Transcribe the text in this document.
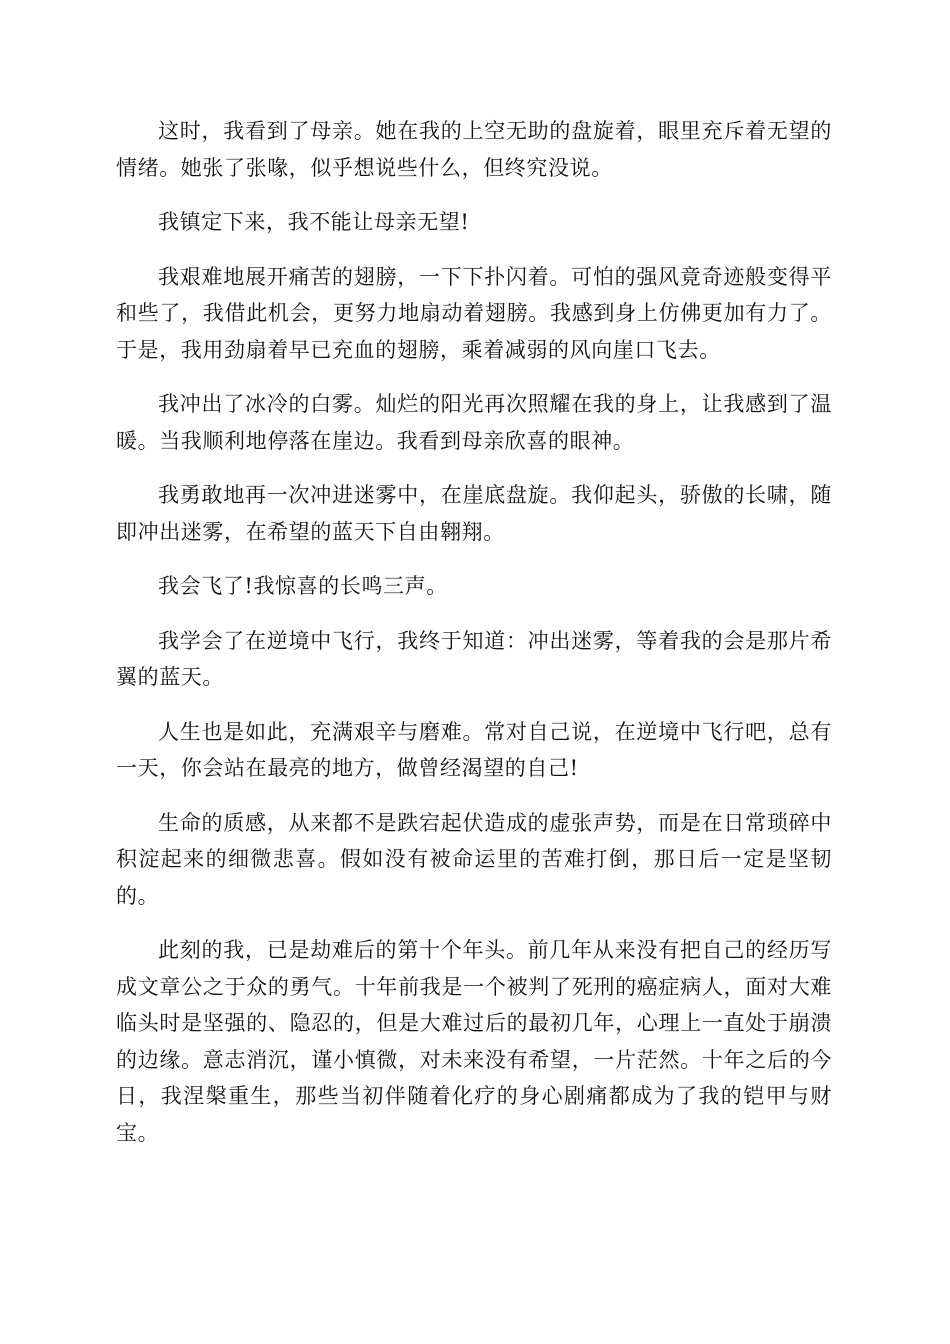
这时，我看到了母亲。她在我的上空无助的盘旋着，眼里充斥着无望的情绪。她张了张喙，似乎想说些什么，但终究没说。

我镇定下来，我不能让母亲无望!

我艰难地展开痛苦的翅膀，一下下扑闪着。可怕的强风竟奇迹般变得平和些了，我借此机会，更努力地扇动着翅膀。我感到身上仿佛更加有力了。于是，我用劲扇着早已充血的翅膀，乘着减弱的风向崖口飞去。

我冲出了冰冷的白雾。灿烂的阳光再次照耀在我的身上，让我感到了温暖。当我顺利地停落在崖边。我看到母亲欣喜的眼神。

我勇敢地再一次冲进迷雾中，在崖底盘旋。我仰起头，骄傲的长啸，随即冲出迷雾，在希望的蓝天下自由翱翔。

我会飞了!我惊喜的长鸣三声。

我学会了在逆境中飞行，我终于知道：冲出迷雾，等着我的会是那片希翼的蓝天。

人生也是如此，充满艰辛与磨难。常对自己说，在逆境中飞行吧，总有一天，你会站在最亮的地方，做曾经渴望的自己!

生命的质感，从来都不是跌宕起伏造成的虚张声势，而是在日常琐碎中积淀起来的细微悲喜。假如没有被命运里的苦难打倒，那日后一定是坚韧的。

此刻的我，已是劫难后的第十个年头。前几年从来没有把自己的经历写成文章公之于众的勇气。十年前我是一个被判了死刑的癌症病人，面对大难临头时是坚强的、隐忍的，但是大难过后的最初几年，心理上一直处于崩溃的边缘。意志消沉，谨小慎微，对未来没有希望，一片茫然。十年之后的今日，我涅槃重生，那些当初伴随着化疗的身心剧痛都成为了我的铠甲与财宝。
